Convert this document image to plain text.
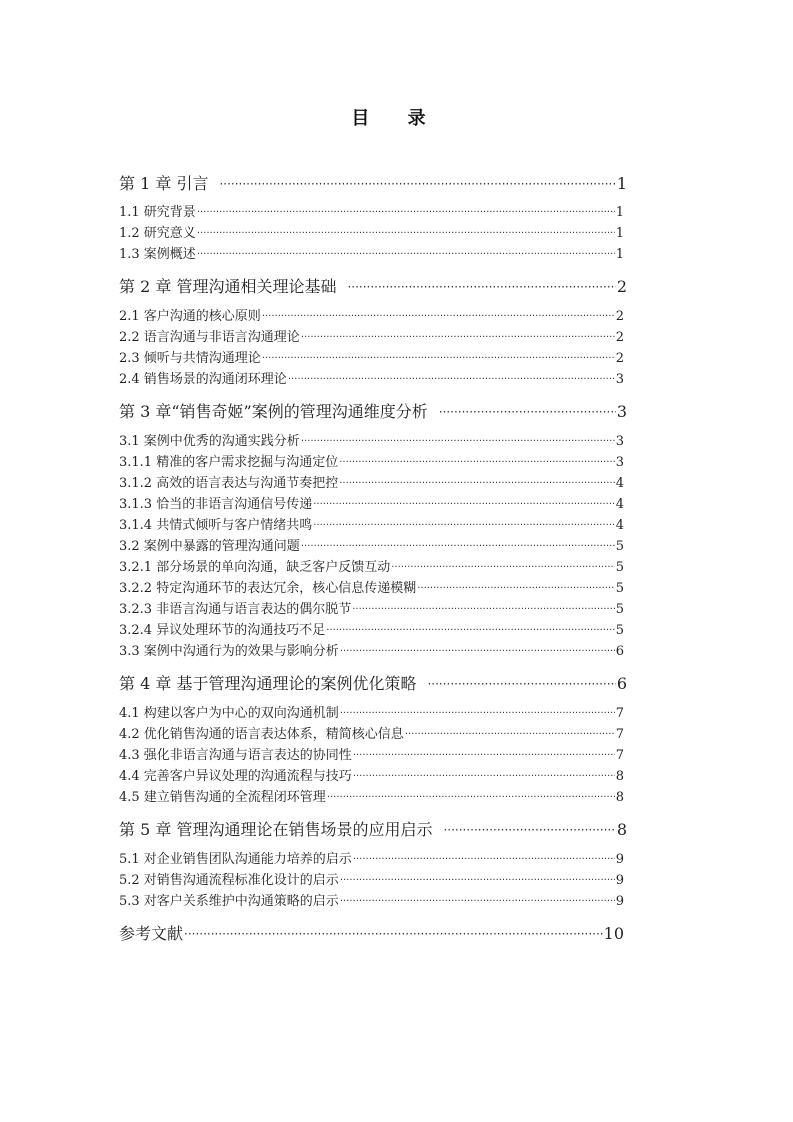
目 录
第 1 章 引言 ·····	1
1.1 研究背景 ·····	1
1.2 研究意义 ·····	1
1.3 案例概述 ·····	1
第 2 章 管理沟通相关理论基础 ·····	2
2.1 客户沟通的核心原则 ·····	2
2.2 语言沟通与非语言沟通理论 ·····	2
2.3 倾听与共情沟通理论 ·····	2
2.4 销售场景的沟通闭环理论 ·····	3
第 3 章“销售奇姬”案例的管理沟通维度分析 ·····	3
3.1 案例中优秀的沟通实践分析 ·····	3
3.1.1 精准的客户需求挖掘与沟通定位 ·····	3
3.1.2 高效的语言表达与沟通节奏把控 ·····	4
3.1.3 恰当的非语言沟通信号传递 ·····	4
3.1.4 共情式倾听与客户情绪共鸣 ·····	4
3.2 案例中暴露的管理沟通问题 ·····	5
3.2.1 部分场景的单向沟通，缺乏客户反馈互动 ·····	5
3.2.2 特定沟通环节的表达冗余，核心信息传递模糊 ·····	5
3.2.3 非语言沟通与语言表达的偶尔脱节 ·····	5
3.2.4 异议处理环节的沟通技巧不足 ·····	5
3.3 案例中沟通行为的效果与影响分析 ·····	6
第 4 章 基于管理沟通理论的案例优化策略 ·····	6
4.1 构建以客户为中心的双向沟通机制 ·····	7
4.2 优化销售沟通的语言表达体系，精简核心信息 ·····	7
4.3 强化非语言沟通与语言表达的协同性 ·····	7
4.4 完善客户异议处理的沟通流程与技巧 ·····	8
4.5 建立销售沟通的全流程闭环管理 ·····	8
第 5 章 管理沟通理论在销售场景的应用启示 ·····	8
5.1 对企业销售团队沟通能力培养的启示 ·····	9
5.2 对销售沟通流程标准化设计的启示 ·····	9
5.3 对客户关系维护中沟通策略的启示 ·····	9
参考文献 ·····	10
